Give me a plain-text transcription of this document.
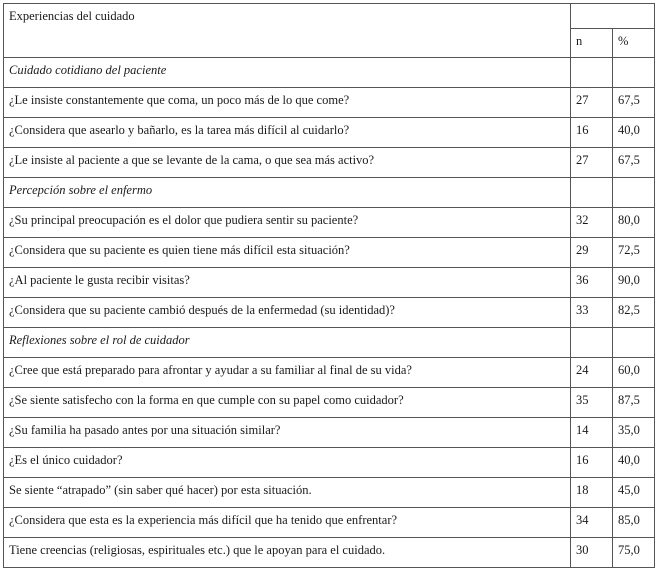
Experiencias del cuidado		
	n	%
Cuidado cotidiano del paciente		
¿Le insiste constantemente que coma, un poco más de lo que come?	27	67,5
¿Considera que asearlo y bañarlo, es la tarea más difícil al cuidarlo?	16	40,0
¿Le insiste al paciente a que se levante de la cama, o que sea más activo?	27	67,5
Percepción sobre el enfermo		
¿Su principal preocupación es el dolor que pudiera sentir su paciente?	32	80,0
¿Considera que su paciente es quien tiene más difícil esta situación?	29	72,5
¿Al paciente le gusta recibir visitas?	36	90,0
¿Considera que su paciente cambió después de la enfermedad (su identidad)?	33	82,5
Reflexiones sobre el rol de cuidador		
¿Cree que está preparado para afrontar y ayudar a su familiar al final de su vida?	24	60,0
¿Se siente satisfecho con la forma en que cumple con su papel como cuidador?	35	87,5
¿Su familia ha pasado antes por una situación similar?	14	35,0
¿Es el único cuidador?	16	40,0
Se siente “atrapado” (sin saber qué hacer) por esta situación.	18	45,0
¿Considera que esta es la experiencia más difícil que ha tenido que enfrentar?	34	85,0
Tiene creencias (religiosas, espirituales etc.) que le apoyan para el cuidado.	30	75,0
